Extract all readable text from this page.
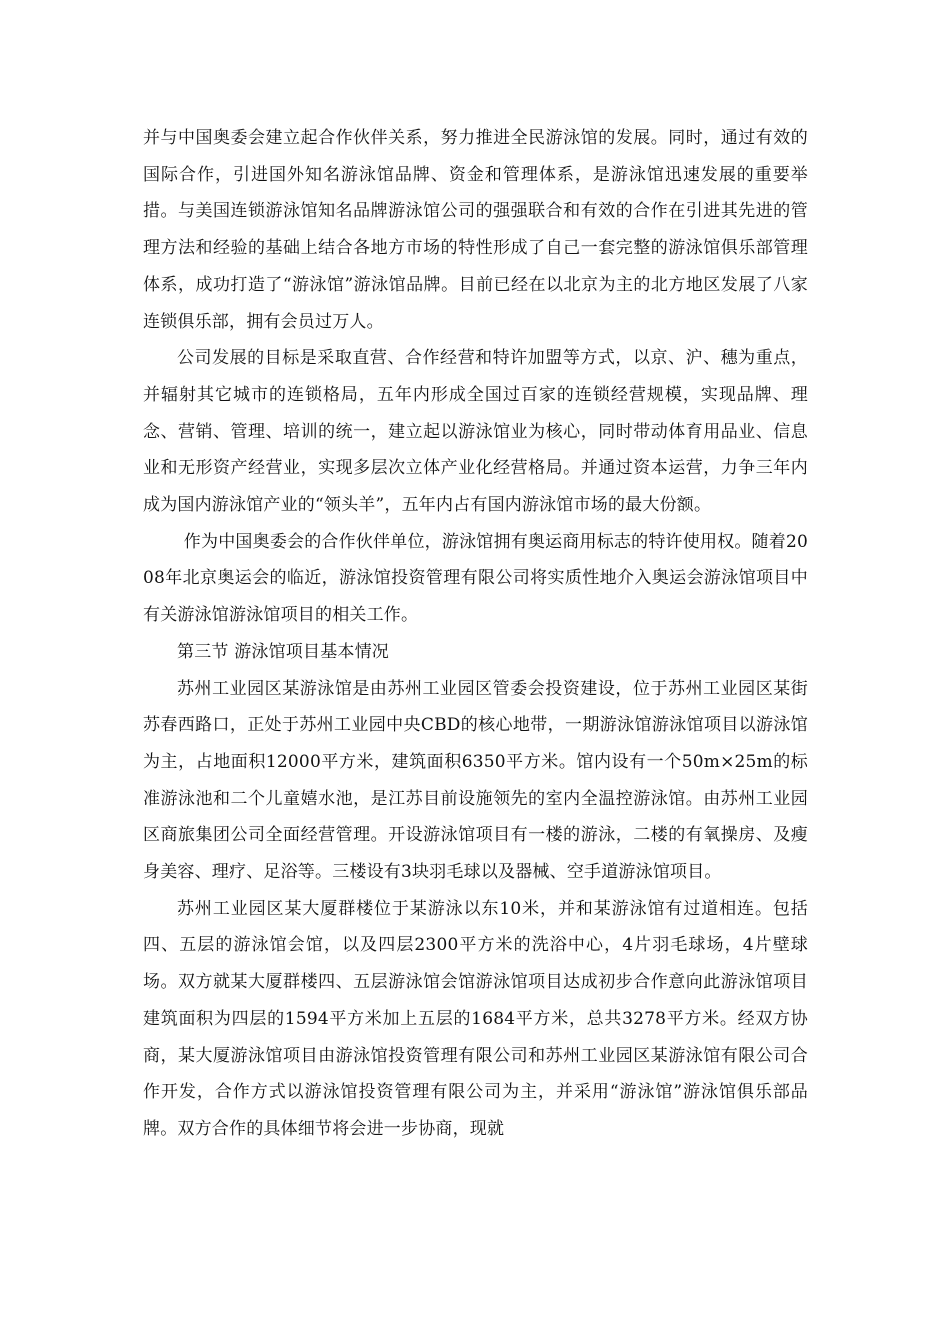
并与中国奥委会建立起合作伙伴关系，努力推进全民游泳馆的发展。同时，通过有效的国际合作，引进国外知名游泳馆品牌、资金和管理体系，是游泳馆迅速发展的重要举措。与美国连锁游泳馆知名品牌游泳馆公司的强强联合和有效的合作在引进其先进的管理方法和经验的基础上结合各地方市场的特性形成了自己一套完整的游泳馆俱乐部管理体系，成功打造了“游泳馆”游泳馆品牌。目前已经在以北京为主的北方地区发展了八家连锁俱乐部，拥有会员过万人。

公司发展的目标是采取直营、合作经营和特许加盟等方式，以京、沪、穗为重点，并辐射其它城市的连锁格局，五年内形成全国过百家的连锁经营规模，实现品牌、理念、营销、管理、培训的统一，建立起以游泳馆业为核心，同时带动体育用品业、信息业和无形资产经营业，实现多层次立体产业化经营格局。并通过资本运营，力争三年内成为国内游泳馆产业的“领头羊”，五年内占有国内游泳馆市场的最大份额。

作为中国奥委会的合作伙伴单位，游泳馆拥有奥运商用标志的特许使用权。随着2008年北京奥运会的临近，游泳馆投资管理有限公司将实质性地介入奥运会游泳馆项目中有关游泳馆游泳馆项目的相关工作。

第三节 游泳馆项目基本情况

苏州工业园区某游泳馆是由苏州工业园区管委会投资建设，位于苏州工业园区某街苏春西路口，正处于苏州工业园中央CBD的核心地带，一期游泳馆游泳馆项目以游泳馆为主，占地面积12000平方米，建筑面积6350平方米。馆内设有一个50m×25m的标准游泳池和二个儿童嬉水池，是江苏目前设施领先的室内全温控游泳馆。由苏州工业园区商旅集团公司全面经营管理。开设游泳馆项目有一楼的游泳，二楼的有氧操房、及瘦身美容、理疗、足浴等。三楼设有3块羽毛球以及器械、空手道游泳馆项目。

苏州工业园区某大厦群楼位于某游泳以东10米，并和某游泳馆有过道相连。包括四、五层的游泳馆会馆，以及四层2300平方米的洗浴中心，4片羽毛球场，4片壁球场。双方就某大厦群楼四、五层游泳馆会馆游泳馆项目达成初步合作意向此游泳馆项目建筑面积为四层的1594平方米加上五层的1684平方米，总共3278平方米。经双方协商，某大厦游泳馆项目由游泳馆投资管理有限公司和苏州工业园区某游泳馆有限公司合作开发，合作方式以游泳馆投资管理有限公司为主，并采用“游泳馆”游泳馆俱乐部品牌。双方合作的具体细节将会进一步协商，现就
